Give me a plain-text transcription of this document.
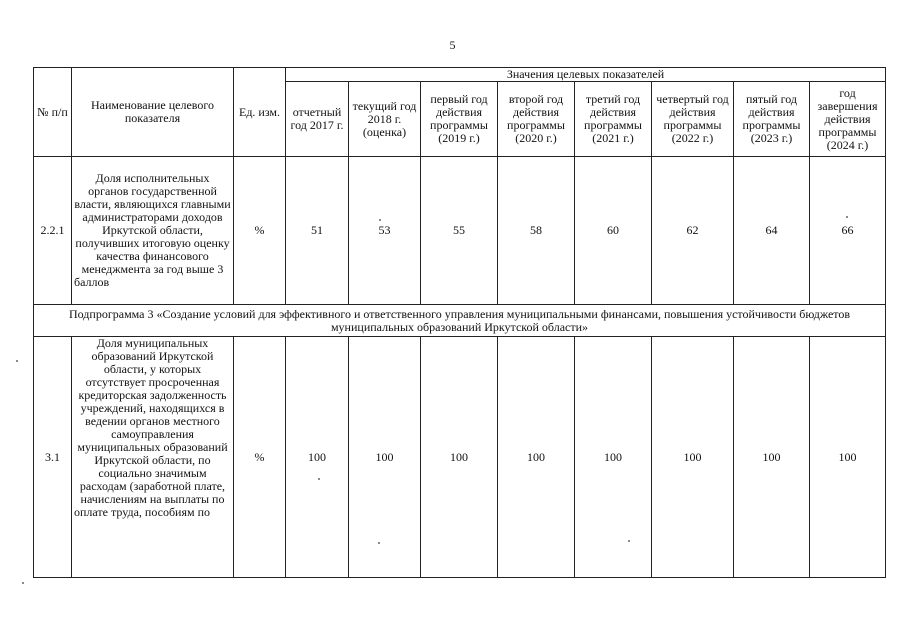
5
№ п/п	Наименование целевого показателя	Ед. изм.	Значения целевых показателей							
			отчетный год 2017 г.	текущий год 2018 г. (оценка)	первый год действия программы (2019 г.)	второй год действия программы (2020 г.)	третий год действия программы (2021 г.)	четвертый год действия программы (2022 г.)	пятый год действия программы (2023 г.)	год завершения действия программы (2024 г.)
2.2.1	Доля исполнительных органов государственной власти, являющихся главными администраторами доходов Иркутской области, получивших итоговую оценку качества финансового менеджмента за год выше 3 баллов	%	51	53	55	58	60	62	64	66
Подпрограмма 3 «Создание условий для эффективного и ответственного управления муниципальными финансами, повышения устойчивости бюджетов муниципальных образований Иркутской области»										
3.1	Доля муниципальных образований Иркутской области, у которых отсутствует просроченная кредиторская задолженность учреждений, находящихся в ведении органов местного самоуправления муниципальных образований Иркутской области, по социально значимым расходам (заработной плате, начислениям на выплаты по оплате труда, пособиям по	%	100	100	100	100	100	100	100	100
